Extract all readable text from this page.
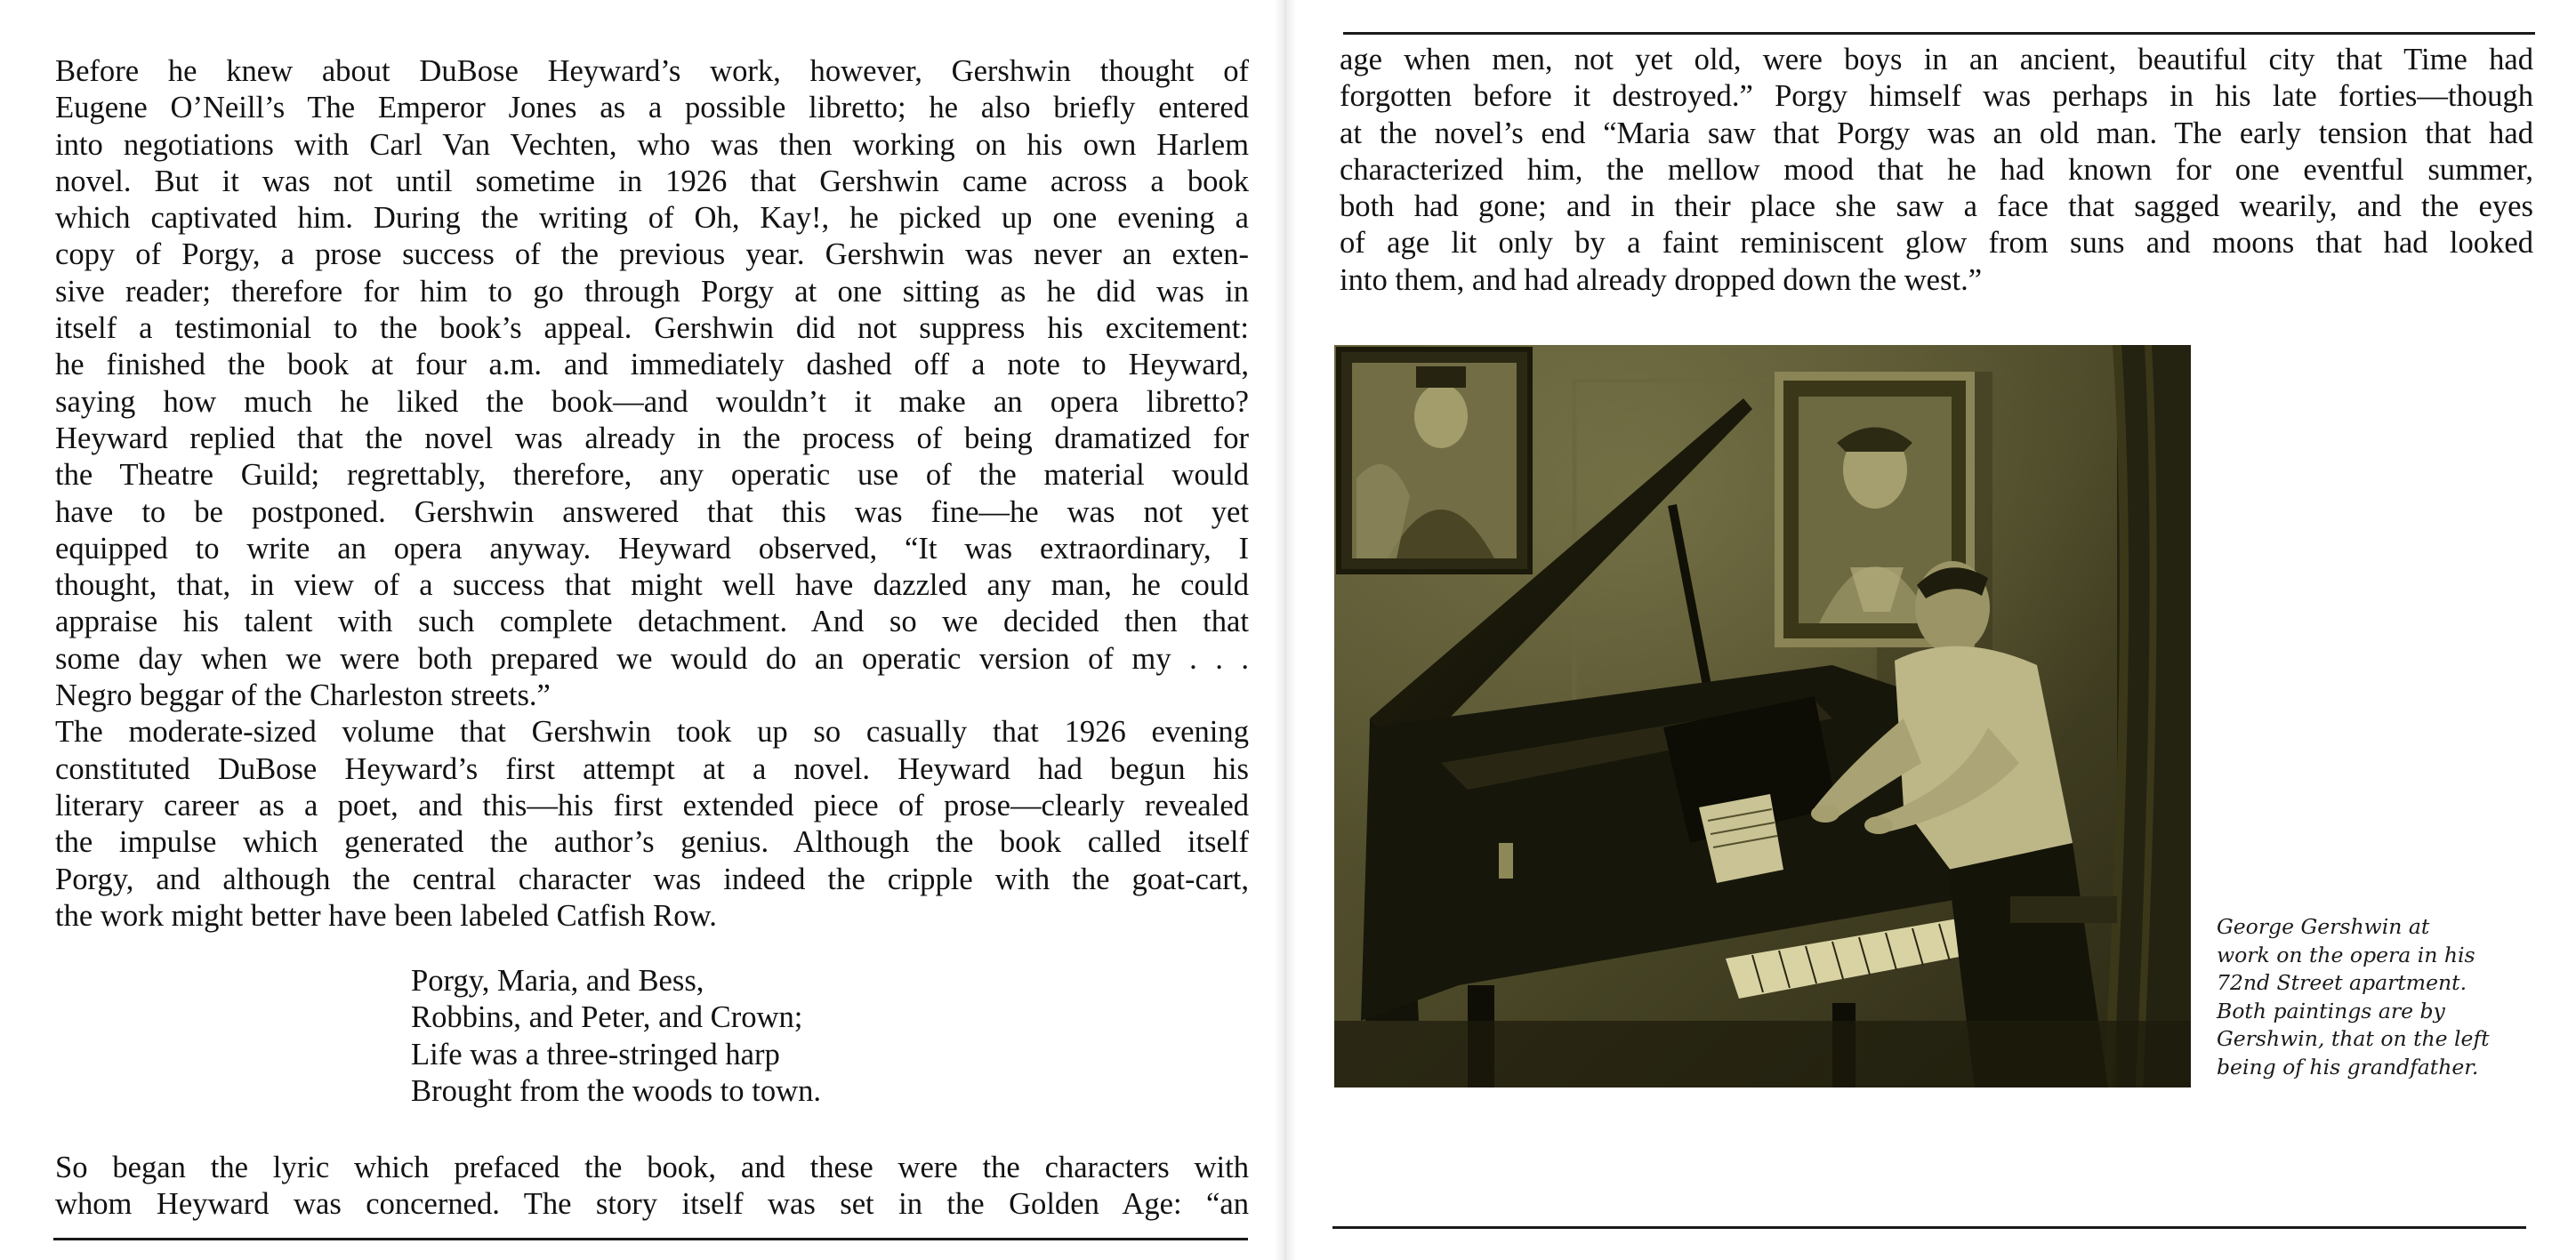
Before he knew about DuBose Heyward’s work, however, Gershwin thought of
Eugene O’Neill’s The Emperor Jones as a possible libretto; he also briefly entered
into negotiations with Carl Van Vechten, who was then working on his own Harlem
novel. But it was not until sometime in 1926 that Gershwin came across a book
which captivated him. During the writing of Oh, Kay!, he picked up one evening a
copy of Porgy, a prose success of the previous year. Gershwin was never an exten-
sive reader; therefore for him to go through Porgy at one sitting as he did was in
itself a testimonial to the book’s appeal. Gershwin did not suppress his excitement:
he finished the book at four a.m. and immediately dashed off a note to Heyward,
saying how much he liked the book—and wouldn’t it make an opera libretto?
Heyward replied that the novel was already in the process of being dramatized for
the Theatre Guild; regrettably, therefore, any operatic use of the material would
have to be postponed. Gershwin answered that this was fine—he was not yet
equipped to write an opera anyway. Heyward observed, “It was extraordinary, I
thought, that, in view of a success that might well have dazzled any man, he could
appraise his talent with such complete detachment. And so we decided then that
some day when we were both prepared we would do an operatic version of my . . .
Negro beggar of the Charleston streets.”

The moderate-sized volume that Gershwin took up so casually that 1926 evening
constituted DuBose Heyward’s first attempt at a novel. Heyward had begun his
literary career as a poet, and this—his first extended piece of prose—clearly revealed
the impulse which generated the author’s genius. Although the book called itself
Porgy, and although the central character was indeed the cripple with the goat-cart,
the work might better have been labeled Catfish Row.

Porgy, Maria, and Bess,
Robbins, and Peter, and Crown;
Life was a three-stringed harp
Brought from the woods to town.

So began the lyric which prefaced the book, and these were the characters with
whom Heyward was concerned. The story itself was set in the Golden Age: “an

age when men, not yet old, were boys in an ancient, beautiful city that Time had
forgotten before it destroyed.” Porgy himself was perhaps in his late forties—though
at the novel’s end “Maria saw that Porgy was an old man. The early tension that had
characterized him, the mellow mood that he had known for one eventful summer,
both had gone; and in their place she saw a face that sagged wearily, and the eyes
of age lit only by a faint reminiscent glow from suns and moons that had looked
into them, and had already dropped down the west.”

George Gershwin at
work on the opera in his
72nd Street apartment.
Both paintings are by
Gershwin, that on the left
being of his grandfather.
